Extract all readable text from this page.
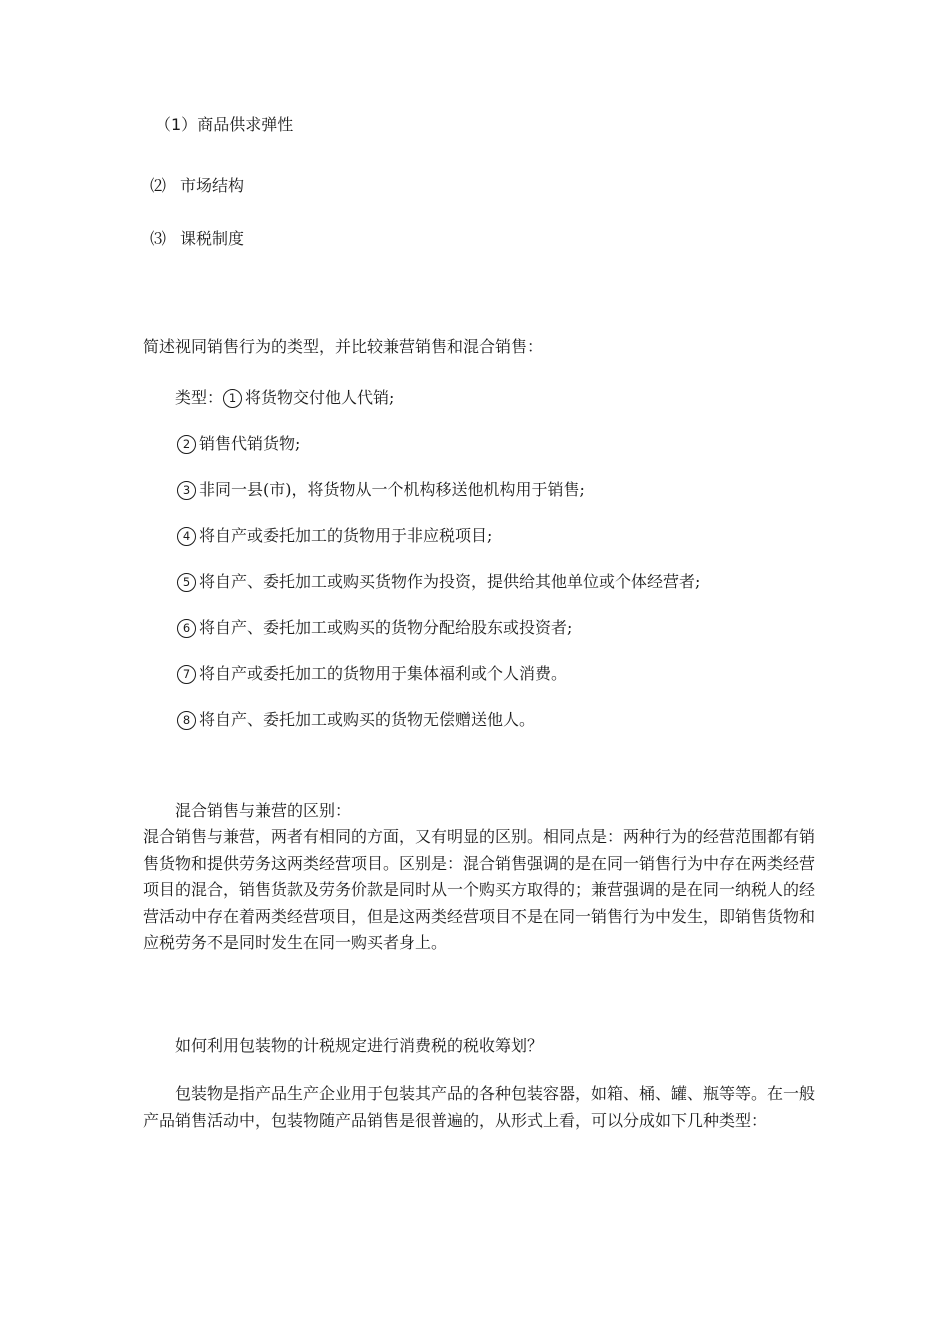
（1）商品供求弹性
⑵ 市场结构
⑶ 课税制度
简述视同销售行为的类型，并比较兼营销售和混合销售：
类型： 1 将货物交付他人代销;
2 销售代销货物;
3 非同一县(市)，将货物从一个机构移送他机构用于销售;
4 将自产或委托加工的货物用于非应税项目;
5 将自产、委托加工或购买货物作为投资，提供给其他单位或个体经营者;
6 将自产、委托加工或购买的货物分配给股东或投资者;
7 将自产或委托加工的货物用于集体福利或个人消费。
8 将自产、委托加工或购买的货物无偿赠送他人。
混合销售与兼营的区别：
混合销售与兼营，两者有相同的方面，又有明显的区别。相同点是：两种行为的经营范围都有销售货物和提供劳务这两类经营项目。区别是：混合销售强调的是在同一销售行为中存在两类经营项目的混合，销售货款及劳务价款是同时从一个购买方取得的；兼营强调的是在同一纳税人的经营活动中存在着两类经营项目，但是这两类经营项目不是在同一销售行为中发生，即销售货物和应税劳务不是同时发生在同一购买者身上。
如何利用包装物的计税规定进行消费税的税收筹划？
包装物是指产品生产企业用于包装其产品的各种包装容器，如箱、桶、罐、瓶等等。在一般产品销售活动中，包装物随产品销售是很普遍的，从形式上看，可以分成如下几种类型：
